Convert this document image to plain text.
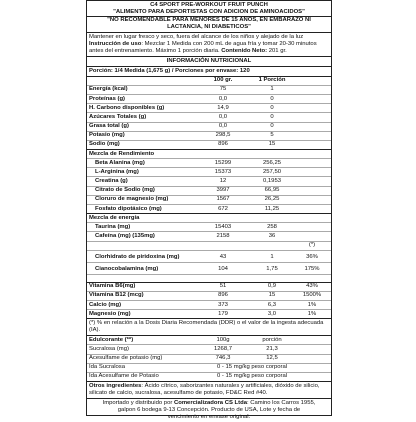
C4 SPORT PRE-WORKOUT FRUIT PUNCH
"ALIMENTO PARA DEPORTISTAS CON ADICION DE AMINOACIDOS"
"NO RECOMENDABLE PARA MENORES DE 15 AÑOS, EN EMBARAZO NI
LACTANCIA, NI DIABETICOS"
Mantener en lugar fresco y seco, fuera del alcance de los niños y alejado de la luz Instrucción de uso: Mezclar 1 Medida con 200 mL de agua fría y tomar 20-30 minutos antes del entrenamiento. Máximo 1 porción diaria. Contenido Neto: 201 gr.
INFORMACIÓN NUTRICIONAL
Porción: 1/4 Medida (1,675 g) / Porciones por envase: 120
100 gr.	1 Porción
Energía (kcal)	75	1
Proteínas (g)	0,0	0
H. Carbono disponibles (g)	14,9	0
Azúcares Totales (g)	0,0	0
Grasa total (g)	0,0	0
Potasio (mg)	298,5	5
Sodio (mg)	896	15
Mezcla de Rendimiento
Beta Alanina (mg)	15299	256,25
L-Arginina (mg)	15373	257,50
Creatina (g)	12	0,1953
Citrato de Sodio (mg)	3997	66,95
Cloruro de magnesio (mg)	1567	26,25
Fosfato dipotásico (mg)	672	11,25
Mezcla de energía
Taurina (mg)	15403	258
Cafeína (mg) (135mg)	2158	36
(*)
Clorhidrato de piridoxina (mg)	43	1	36%
Cianocobalamina (mg)	104	1,75	175%
Vitamina B6(mg)	51	0,9	43%
Vitamina B12 (mcg)	896	15	1500%
Calcio (mg)	373	6,3	1%
Magnesio (mg)	179	3,0	1%
(*) % en relación a la Dosis Diaria Recomendada (DDR) o el valor de la ingesta adecuada (IA).
Edulcorante (**)	100g	porción
Sucralosa (mg)	1268,7	21,3
Acesulfame de potasio (mg)	746,3	12,5
Ida Sucralosa	0 - 15 mg/kg peso corporal
Ida Acesulfame de Potasio	0 - 15 mg/kg peso corporal
Otros ingredientes: Ácido cítrico, saborizantes naturales y artificiales, dióxido de silicio, silicato de calcio, sucralosa, acesulfamo de potasio, FD&C Red #40.
Importado y distribuido por Comercializadora CS Ltda: Camino los Carros 1955,
galpon 6 bodega 9-13 Concepción. Producto de USA, Lote y fecha de
vencimiento en envase original.
